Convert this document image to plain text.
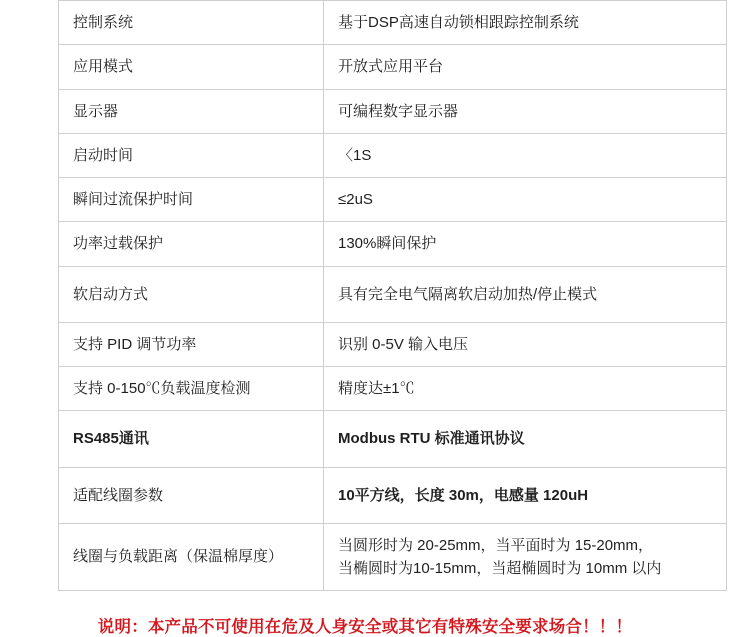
控制系统	基于DSP高速自动锁相跟踪控制系统
应用模式	开放式应用平台
显示器	可编程数字显示器
启动时间	〈1S
瞬间过流保护时间	≤2uS
功率过载保护	130%瞬间保护
软启动方式	具有完全电气隔离软启动加热/停止模式
支持 PID 调节功率	识别 0-5V 输入电压
支持 0-150℃负载温度检测	精度达±1℃
RS485通讯	Modbus RTU 标准通讯协议
适配线圈参数	10平方线，长度 30m，电感量 120uH
线圈与负载距离（保温棉厚度）	当圆形时为 20-25mm，当平面时为 15-20mm，
当椭圆时为10-15mm，当超椭圆时为 10mm 以内
说明：本产品不可使用在危及人身安全或其它有特殊安全要求场合！！！
